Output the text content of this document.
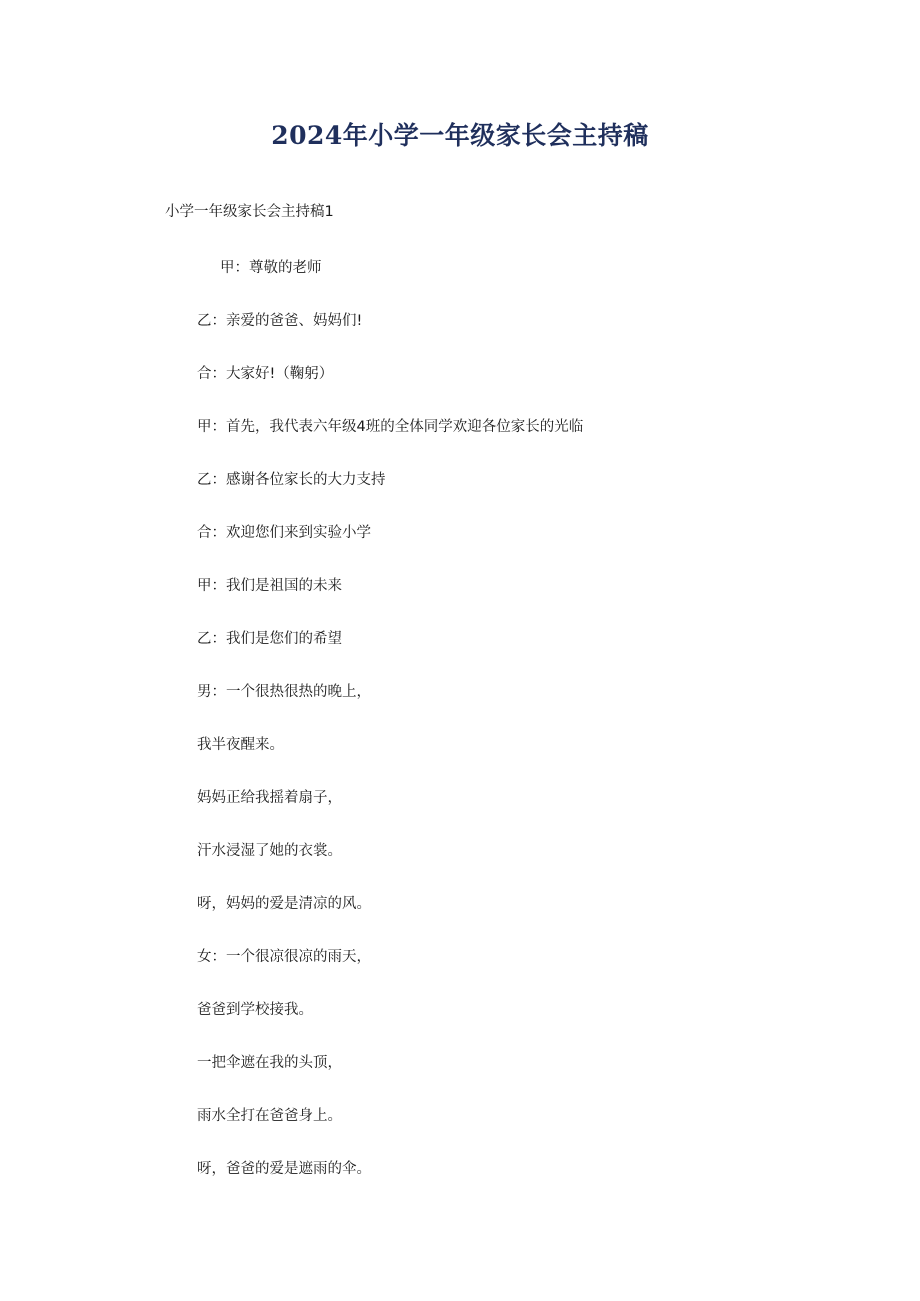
2024年小学一年级家长会主持稿
小学一年级家长会主持稿1
甲：尊敬的老师
乙：亲爱的爸爸、妈妈们!
合：大家好!（鞠躬）
甲：首先，我代表六年级4班的全体同学欢迎各位家长的光临
乙：感谢各位家长的大力支持
合：欢迎您们来到实验小学
甲：我们是祖国的未来
乙：我们是您们的希望
男：一个很热很热的晚上，
我半夜醒来。
妈妈正给我摇着扇子，
汗水浸湿了她的衣裳。
呀，妈妈的爱是清凉的风。
女：一个很凉很凉的雨天，
爸爸到学校接我。
一把伞遮在我的头顶，
雨水全打在爸爸身上。
呀，爸爸的爱是遮雨的伞。
